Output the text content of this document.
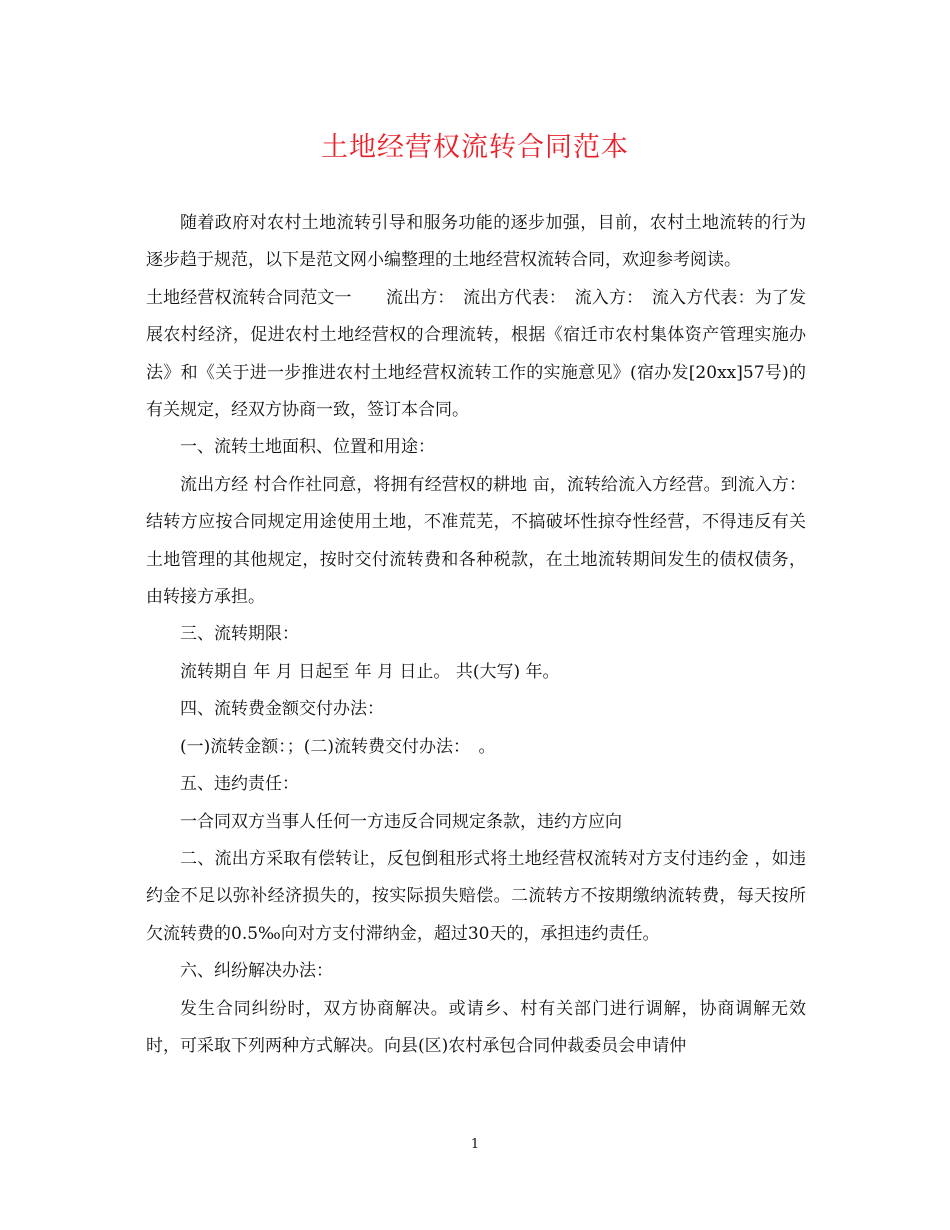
土地经营权流转合同范本

随着政府对农村土地流转引导和服务功能的逐步加强，目前，农村土地流转的行为逐步趋于规范，以下是范文网小编整理的土地经营权流转合同，欢迎参考阅读。

土地经营权流转合同范文一　　流出方：　流出方代表：　流入方：　流入方代表：为了发展农村经济，促进农村土地经营权的合理流转，根据《宿迁市农村集体资产管理实施办法》和《关于进一步推进农村土地经营权流转工作的实施意见》(宿办发[20xx]57号)的有关规定，经双方协商一致，签订本合同。

一、流转土地面积、位置和用途：

流出方经 村合作社同意，将拥有经营权的耕地 亩，流转给流入方经营。到流入方：结转方应按合同规定用途使用土地，不准荒芜，不搞破坏性掠夺性经营，不得违反有关土地管理的其他规定，按时交付流转费和各种税款，在土地流转期间发生的债权债务，由转接方承担。

三、流转期限：

流转期自 年 月 日起至 年 月 日止。 共(大写) 年。

四、流转费金额交付办法：

(一)流转金额：；(二)流转费交付办法：　。

五、违约责任：

一合同双方当事人任何一方违反合同规定条款，违约方应向

二、流出方采取有偿转让，反包倒租形式将土地经营权流转对方支付违约金 ，如违约金不足以弥补经济损失的，按实际损失赔偿。二流转方不按期缴纳流转费，每天按所欠流转费的0.5‰向对方支付滞纳金，超过30天的，承担违约责任。

六、纠纷解决办法：

发生合同纠纷时，双方协商解决。或请乡、村有关部门进行调解，协商调解无效时，可采取下列两种方式解决。向县(区)农村承包合同仲裁委员会申请仲

1
